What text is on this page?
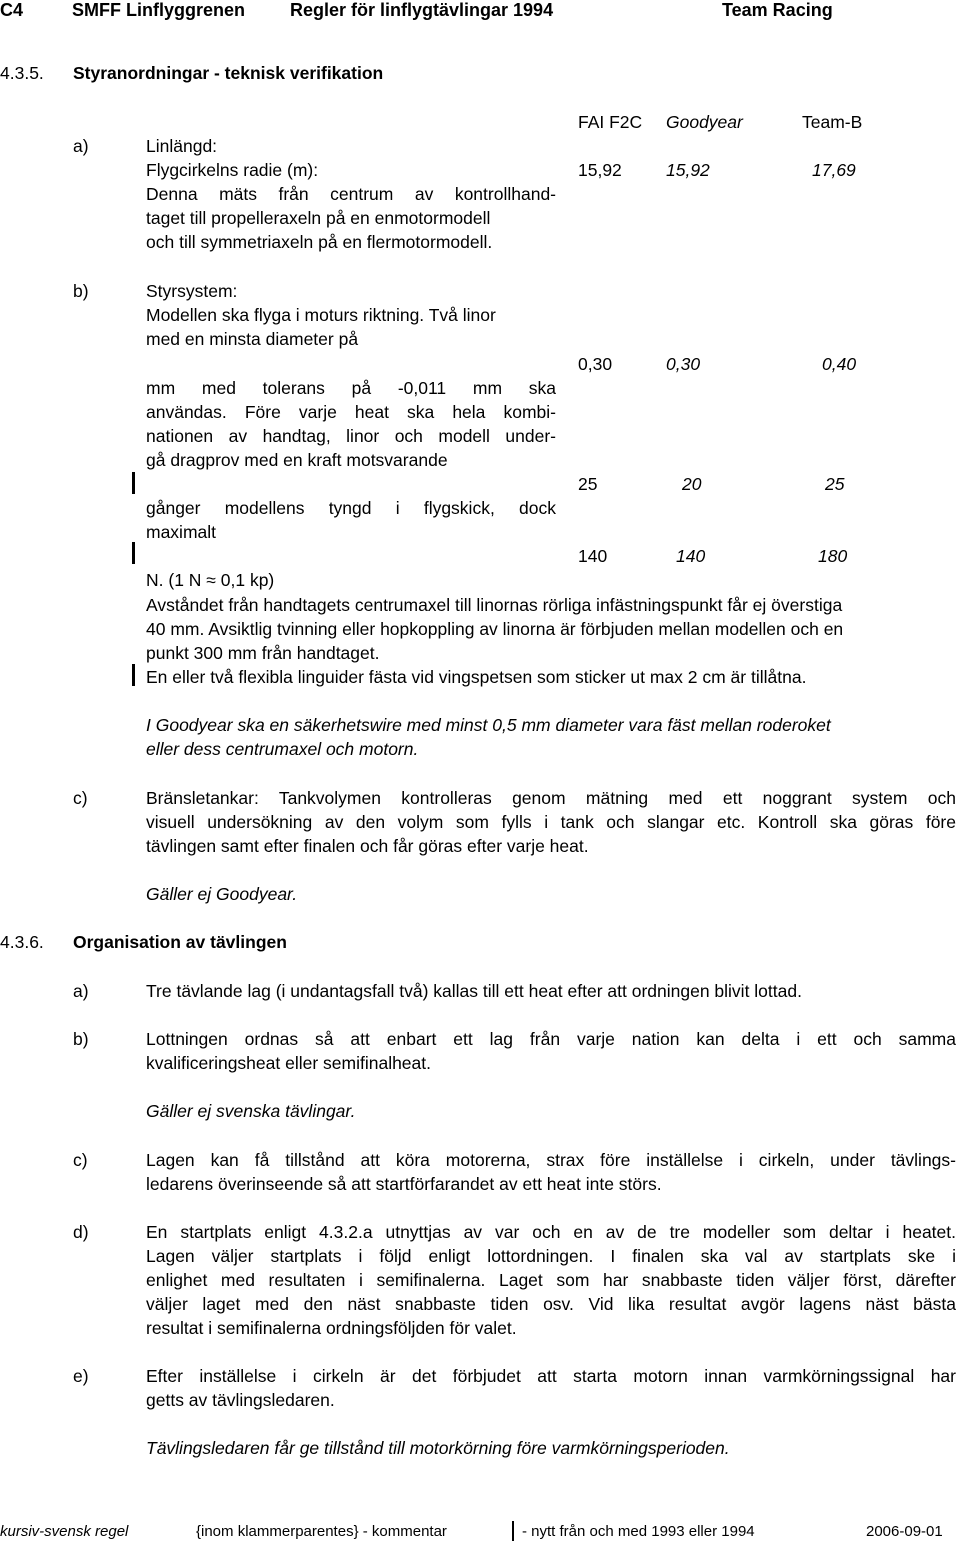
C4	SMFF Linflyggrenen	Regler för linflygtävlingar 1994	Team Racing
4.3.5. Styranordningar - teknisk verifikation
FAI F2C Goodyear	Team-B
a)	Linlängd:
Flygcirkelns radie (m):
Denna mäts från centrum av kontrollhand-
taget till propelleraxeln på en enmotormodell
och till symmetriaxeln på en flermotormodell.
15,92	15,92	17,69
b)	Styrsystem:
Modellen ska flyga i moturs riktning. Två linor
med en minsta diameter på
mm med tolerans på -0,011 mm ska
användas. Före varje heat ska hela kombi-
nationen av handtag, linor och modell under-
gå dragprov med en kraft motsvarande
gånger modellens tyngd i flygskick, dock
maximalt
N. (1 N ≈ 0,1 kp)
Avståndet från handtagets centrumaxel till linornas rörliga infästningspunkt får ej överstiga
40 mm. Avsiktlig tvinning eller hopkoppling av linorna är förbjuden mellan modellen och en
punkt 300 mm från handtaget.
En eller två flexibla linguider fästa vid vingspetsen som sticker ut max 2 cm är tillåtna.
0,30	0,30	0,40
25	20	25
140	140	180
I Goodyear ska en säkerhetswire med minst 0,5 mm diameter vara fäst mellan roderoket
eller dess centrumaxel och motorn.
c)	Bränsletankar: Tankvolymen kontrolleras genom mätning med ett noggrant system och
visuell undersökning av den volym som fylls i tank och slangar etc. Kontroll ska göras före
tävlingen samt efter finalen och får göras efter varje heat.
Gäller ej Goodyear.
4.3.6. Organisation av tävlingen
a)	Tre tävlande lag (i undantagsfall två) kallas till ett heat efter att ordningen blivit lottad.
b)	Lottningen ordnas så att enbart ett lag från varje nation kan delta i ett och samma
kvalificeringsheat eller semifinalheat.
Gäller ej svenska tävlingar.
c)	Lagen kan få tillstånd att köra motorerna, strax före inställelse i cirkeln, under tävlings-
ledarens överinseende så att startförfarandet av ett heat inte störs.
d)	En startplats enligt 4.3.2.a utnyttjas av var och en av de tre modeller som deltar i heatet.
Lagen väljer startplats i följd enligt lottordningen. I finalen ska val av startplats ske i
enlighet med resultaten i semifinalerna. Laget som har snabbaste tiden väljer först, därefter
väljer laget med den näst snabbaste tiden osv. Vid lika resultat avgör lagens näst bästa
resultat i semifinalerna ordningsföljden för valet.
e)	Efter inställelse i cirkeln är det förbjudet att starta motorn innan varmkörningssignal har
getts av tävlingsledaren.
Tävlingsledaren får ge tillstånd till motorkörning före varmkörningsperioden.
kursiv-svensk regel	{inom klammerparentes} - kommentar	- nytt från och med 1993 eller 1994	2006-09-01
